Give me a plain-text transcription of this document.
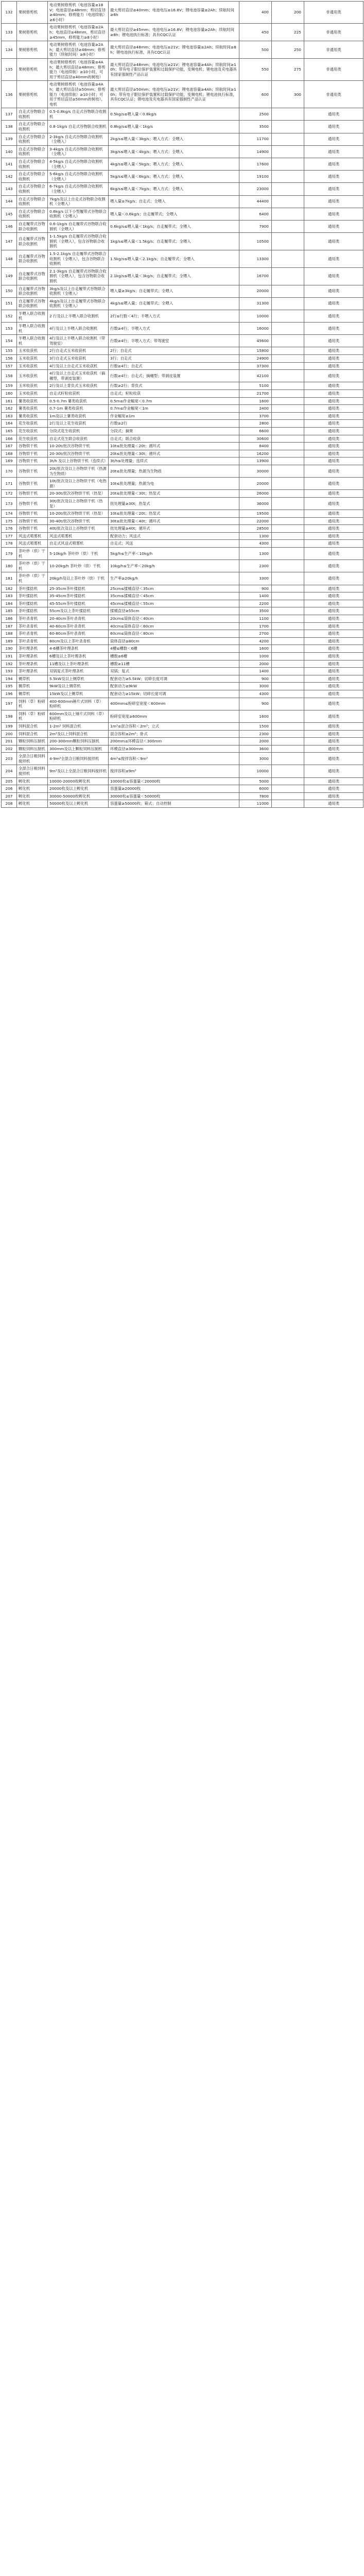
132	果树修剪机	电动果树修剪机（电池容量≥18V；电池直径≥48mm；剪切直径≥40mm；修剪能力（电池续航）≥6小时）	最大剪切直径≥40mm；电池电压≥16.8V；锂电池容量≥2Ah；续航时间≥6h	400	200	非通用类
133	果树修剪机	电动果树修剪机（电池容量≥2Ah；电池直径≥48mm，剪切直径≥45mm，修剪能力≥8小时）	最大剪切直径≥45mm；电池电压≥16.8V；锂电池容量≥2Ah；续航时间≥8h；锂电池执行标准；具有CQC认证	450	225	非通用类
134	果树修剪机	电动果树修剪机（电池容量≥2Ah；最大剪切直径≥48mm；修剪能力（续航时间）≥8小时）	最大剪切直径≥48mm；电池电压≥21V；锂电池容量≥2Ah；续航时间≥8h；锂电池执行标准，具有CQC认证	500	250	非通用类
135	果树修剪机	电动果树修剪机（电池容量≥4Ah；最大剪切直径≥48mm；修剪能力（电池续航）≥10小时，可用于剪切直径≥40mm的树枝）	最大剪切直径≥48mm；电池电压≥21V；锂电池容量≥4Ah；续航时间≥10h；带有电子限位保护装置和过载保护功能，变频电机；锂电池及充电器具有国家强制性产品认证	550	275	非通用类
136	果树修剪机	电动果树修剪机（电池容量≥4Ah；最大剪切直径≥50mm；修剪能力（电池续航）≥10小时；可用于剪切直径≥50mm的树枝），电机	最大剪切直径≥50mm；电池电压≥21V；锂电池容量≥4Ah；续航时间≥10h；带有电子限位保护装置和过载保护功能，变频电机；锂电池执行标准，具有CQC认证；锂电池及充电器具有国家强制性产品认证	600	300	非通用类
137	自走式谷物联合收割机	0.5-0.8kg/s 自走式谷物联合收割机	0.5kg/s≤喂入量＜0.8kg/s	2500		通用类
138	自走式谷物联合收割机	0.8-1kg/s 自走式谷物联合收割机	0.8kg/s≤喂入量＜1kg/s	3500		通用类
139	自走式谷物联合收割机	2-3kg/s 自走式谷物联合收割机（全喂入）	2kg/s≤喂入量＜3kg/s；喂入方式：全喂入	11700		通用类
140	自走式谷物联合收割机	3-4kg/s 自走式谷物联合收割机（全喂入）	3kg/s≤喂入量＜4kg/s；喂入方式：全喂入	14900		通用类
141	自走式谷物联合收割机	4-5kg/s 自走式谷物联合收割机（全喂入）	4kg/s≤喂入量＜5kg/s；喂入方式：全喂入	17600		通用类
142	自走式谷物联合收割机	5-6kg/s 自走式谷物联合收割机（全喂入）	5kg/s≤喂入量＜6kg/s；喂入方式：全喂入	19100		通用类
143	自走式谷物联合收割机	6-7kg/s 自走式谷物联合收割机（全喂入）	6kg/s≤喂入量＜7kg/s；喂入方式：全喂入	23000		通用类
144	自走式谷物联合收割机	7kg/s及以上自走式谷物联合收割机（全喂入）	喂入量≥7kg/s；自走式；全喂入	44400		通用类
145	自走式谷物联合收割机	0.6kg/s 以下小型履带式谷物联合收割机（全喂入）	喂入量＜0.6kg/s；自走履带式；全喂入	6400		通用类
146	自走履带式谷物联合收割机	0.6-1kg/s 自走履带式谷物联合收割机（全喂入）	0.6kg/s≤喂入量＜1kg/s；自走履带式；全喂入	7900		通用类
147	自走履带式谷物联合收割机	1-1.5kg/s 自走履带式谷物联合收割机（全喂入），包含谷物联合收割机	1kg/s≤喂入量＜1.5kg/s；自走履带式；全喂入	10500		通用类
148	自走履带式谷物联合收割机	1.5-2.1kg/s 自走履带式谷物联合收割机（全喂入），包含谷物联合收割机	1.5kg/s≤喂入量＜2.1kg/s；自走履带式；全喂入	13300		通用类
149	自走履带式谷物联合收割机	2.1-3kg/s 自走履带式谷物联合收割机（全喂入），包含谷物联合收割机	2.1kg/s≤喂入量＜3kg/s；自走履带式；全喂入	16700		通用类
150	自走履带式谷物联合收割机	3kg/s及以上自走履带式谷物联合收割机（全喂入）	喂入量≥3kg/s；自走履带式；全喂入	20000		通用类
151	自走履带式谷物联合收割机	4kg/s及以上自走履带式谷物联合收割机（全喂入）	4kg/s≤喂入量；自走履带式；全喂入	31300		通用类
152	半喂入联合收割机	2 行及以上半喂入联合收割机	2行≤行数＜4行；半喂入方式	10000		通用类
153	半喂入联合收割机	4行及以上半喂入联合收割机	行数≥4行；半喂入方式	16000		通用类
154	半喂入联合收割机	4行及以上半喂入联合收割机（带驾驶室）	行数≥4行；半喂入方式；带驾驶室	45600		通用类
155	玉米收获机	2行自走式玉米收获机	2行；自走式	15800		通用类
156	玉米收获机	3行自走式玉米收获机	3行；自走式	24900		通用类
157	玉米收获机	4行及以上自走式玉米收获机	行数≥4行；自走式	37300		通用类
158	玉米收获机	4行及以上自走式玉米收获机（摘穗型，带剥皮装置）	行数≥4行；自走式；摘穗型；带剥皮装置	42100		通用类
159	玉米收获机	2行及以上背负式玉米收获机	行数≥2行；背负式	5100		通用类
160	玉米收获机	自走式籽粒收获机	自走式；籽粒收获	21700		通用类
161	薯类收获机	0.5-0.7m 薯类收获机	0.5m≤作业幅宽＜0.7m	1600		通用类
162	薯类收获机	0.7-1m 薯类收获机	0.7m≤作业幅宽＜1m	2400		通用类
163	薯类收获机	1m及以上薯类收获机	作业幅宽≥1m	3700		通用类
164	花生收获机	2行及以上花生收获机	行数≥2行	2800		通用类
165	花生收获机	分段式花生收获机	分段式；摘果	6600		通用类
166	花生收获机	自走式花生联合收获机	自走式；联合收获	30600		通用类
167	谷物烘干机	10-20t/批次谷物烘干机	10t≤批处理量＜20t；循环式	8400		通用类
168	谷物烘干机	20-30t/批次谷物烘干机	20t≤批处理量＜30t；循环式	16200		通用类
169	谷物烘干机	3t/h 及以上谷物烘干机（连续式）	3t/h≤处理量；连续式	13900		通用类
170	谷物烘干机	20t/批次及以上谷物烘干机（热源为生物质）	20t≤批处理量；热源为生物质	30000		通用类
171	谷物烘干机	10t/批次及以上谷物烘干机（电热源）	10t≤批处理量；热源为电	20000		通用类
172	谷物烘干机	20-30t/批次谷物烘干机（热泵）	20t≤批处理量＜30t；热泵式	26000		通用类
173	谷物烘干机	30t/批次及以上谷物烘干机（热泵）	批处理量≥30t；热泵式	36000		通用类
174	谷物烘干机	10-20t/批次谷物烘干机（热泵）	10t≤批处理量＜20t；热泵式	19500		通用类
175	谷物烘干机	30-40t/批次谷物烘干机	30t≤批处理量＜40t；循环式	22000		通用类
176	谷物烘干机	40t/批次及以上谷物烘干机	批处理量≥40t；循环式	28500		通用类
177	风送式喷雾机	风送式喷雾机	配套动力；风送式	1300		通用类
178	风送式喷雾机	自走式风送式喷雾机	自走式；风送	4300		通用类
179	茶叶炒（烘）干机	5-10kg/h 茶叶炒（烘）干机	5kg/h≤生产率＜10kg/h	1300		通用类
180	茶叶炒（烘）干机	10-20kg/h 茶叶炒（烘）干机	10kg/h≤生产率＜20kg/h	2300		通用类
181	茶叶炒（烘）干机	20kg/h及以上茶叶炒（烘）干机	生产率≥20kg/h	3300		通用类
182	茶叶揉捻机	25-35cm茶叶揉捻机	25cm≤揉桶直径＜35cm	900		通用类
183	茶叶揉捻机	35-45cm茶叶揉捻机	35cm≤揉桶直径＜45cm	1400		通用类
184	茶叶揉捻机	45-55cm茶叶揉捻机	45cm≤揉桶直径＜55cm	2200		通用类
185	茶叶揉捻机	55cm及以上茶叶揉捻机	揉桶直径≥55cm	3500		通用类
186	茶叶杀青机	20-40cm茶叶杀青机	20cm≤筒体直径＜40cm	1100		通用类
187	茶叶杀青机	40-60cm茶叶杀青机	40cm≤筒体直径＜60cm	1700		通用类
188	茶叶杀青机	60-80cm茶叶杀青机	60cm≤筒体直径＜80cm	2700		通用类
189	茶叶杀青机	80cm及以上茶叶杀青机	筒体直径≥80cm	4200		通用类
190	茶叶理条机	4-6槽茶叶理条机	4槽≤槽数＜6槽	1600		通用类
191	茶叶理条机	6槽及以上茶叶理条机	槽数≥6槽	1000		通用类
192	茶叶理条机	11槽及以上茶叶理条机	槽数≥11槽	2000		通用类
193	茶叶理条机	双锅复式茶叶理条机	双锅；复式	1400		通用类
194	铡草机	5.5kW及以上铡草机	配套动力≥5.5kW；切碎长度可调	900		通用类
195	铡草机	9kW及以上铡草机	配套动力≥9kW	3000		通用类
196	铡草机	15kW及以上铡草机	配套动力≥15kW；切碎长度可调	4300		通用类
197	饲料（草）粉碎机	400-600mm锤片式饲料（草）粉碎机	400mm≤粉碎室宽度＜600mm	900		通用类
198	饲料（草）粉碎机	600mm及以上锤片式饲料（草）粉碎机	粉碎室宽度≥600mm	1600		通用类
199	饲料混合机	1-2m³ 饲料混合机	1m³≤混合容积＜2m³；立式	1500		通用类
200	饲料混合机	2m³及以上饲料混合机	混合容积≥2m³；卧式	2300		通用类
201	颗粒饲料压制机	200-300mm颗粒饲料压制机	200mm≤环模直径＜300mm	2000		通用类
202	颗粒饲料压制机	300mm及以上颗粒饲料压制机	环模直径≥300mm	3600		通用类
203	全混合日粮饲料搅拌机	4-9m³全混合日粮饲料搅拌机	4m³≤搅拌容积＜9m³	3000		通用类
204	全混合日粮饲料搅拌机	9m³及以上全混合日粮饲料搅拌机	搅拌容积≥9m³	10000		通用类
205	孵化机	10000-20000枚孵化机	10000枚≤容蛋量＜20000枚	5000		通用类
206	孵化机	20000枚及以上孵化机	容蛋量≥20000枚	6000		通用类
207	孵化机	30000-50000枚孵化机	30000枚≤容蛋量＜50000枚	7800		通用类
208	孵化机	50000枚及以上孵化机	容蛋量≥50000枚；箱式；自动控制	11000		通用类
